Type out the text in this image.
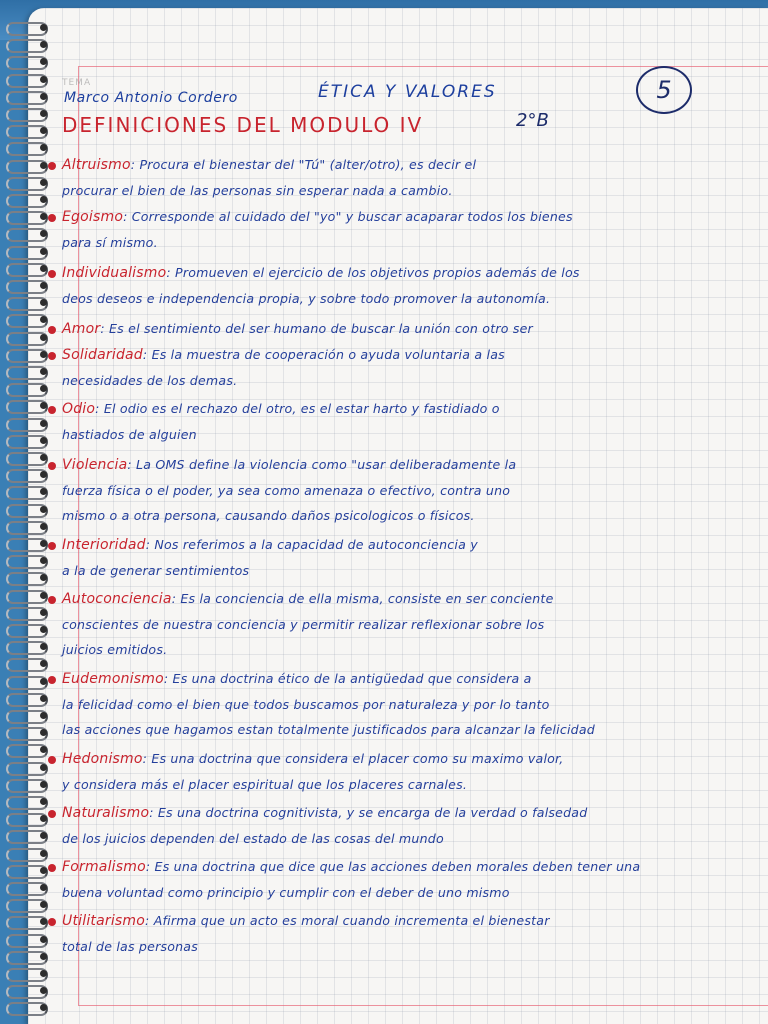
TEMA
Marco Antonio Cordero	ÉTICA Y VALORES	5
DEFINICIONES DEL MODULO IV	2°B
Altruismo: Procura el bienestar del "Tú" (alter/otro), es decir el
procurar el bien de las personas sin esperar nada a cambio.
Egoismo: Corresponde al cuidado del "yo" y buscar acaparar todos los bienes
para sí mismo.
Individualismo: Promueven el ejercicio de los objetivos propios además de los
deos deseos e independencia propia, y sobre todo promover la autonomía.
Amor: Es el sentimiento del ser humano de buscar la unión con otro ser
Solidaridad: Es la muestra de cooperación o ayuda voluntaria a las
necesidades de los demas.
Odio: El odio es el rechazo del otro, es el estar harto y fastidiado o
hastiados de alguien
Violencia: La OMS define la violencia como "usar deliberadamente la
fuerza física o el poder, ya sea como amenaza o efectivo, contra uno
mismo o a otra persona, causando daños psicologicos o físicos.
Interioridad: Nos referimos a la capacidad de autoconciencia y
a la de generar sentimientos
Autoconciencia: Es la conciencia de ella misma, consiste en ser conciente
conscientes de nuestra conciencia y permitir realizar reflexionar sobre los
juicios emitidos.
Eudemonismo: Es una doctrina ético de la antigüedad que considera a
la felicidad como el bien que todos buscamos por naturaleza y por lo tanto
las acciones que hagamos estan totalmente justificados para alcanzar la felicidad
Hedonismo: Es una doctrina que considera el placer como su maximo valor,
y considera más el placer espiritual que los placeres carnales.
Naturalismo: Es una doctrina cognitivista, y se encarga de la verdad o falsedad
de los juicios dependen del estado de las cosas del mundo
Formalismo: Es una doctrina que dice que las acciones deben morales deben tener una
buena voluntad como principio y cumplir con el deber de uno mismo
Utilitarismo: Afirma que un acto es moral cuando incrementa el bienestar
total de las personas
